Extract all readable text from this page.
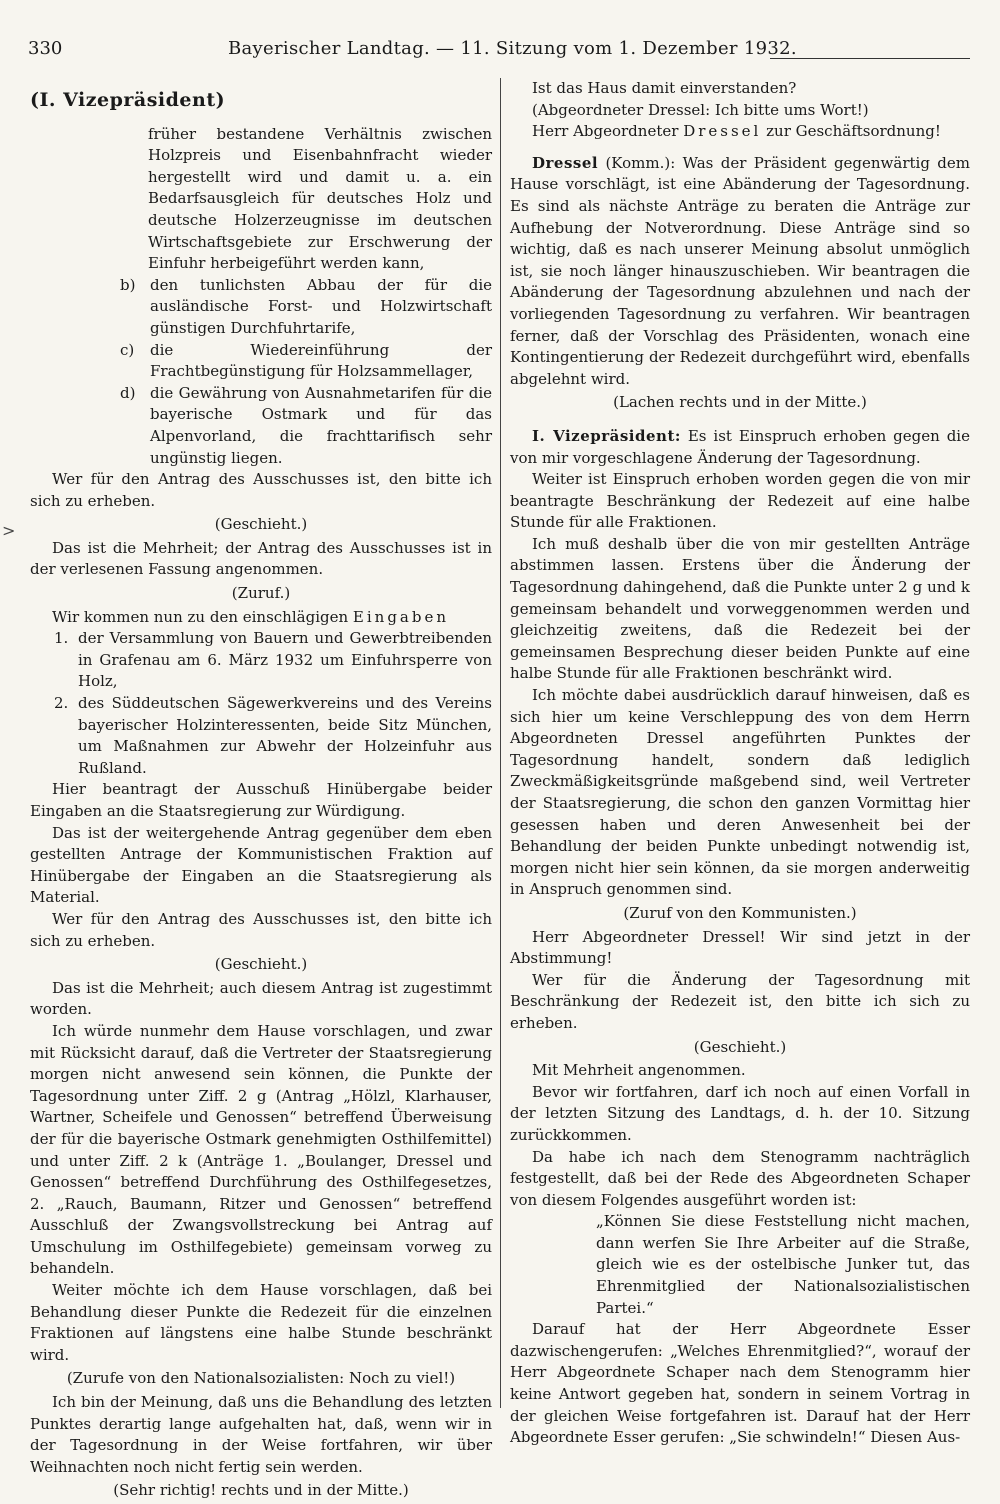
330	Bayerischer Landtag. — 11. Sitzung vom 1. Dezember 1932.
>
(I. Vizepräsident)

früher bestandene Verhältnis zwischen Holzpreis und Eisenbahnfracht wieder hergestellt wird und damit u. a. ein Bedarfsausgleich für deutsches Holz und deutsche Holzerzeugnisse im deutschen Wirtschaftsgebiete zur Erschwerung der Einfuhr herbeigeführt werden kann,

b) den tunlichsten Abbau der für die ausländische Forst- und Holzwirtschaft günstigen Durchfuhrtarife,

c) die Wiedereinführung der Frachtbegünstigung für Holzsammellager,

d) die Gewährung von Ausnahmetarifen für die bayerische Ostmark und für das Alpenvorland, die frachttarifisch sehr ungünstig liegen.

Wer für den Antrag des Ausschusses ist, den bitte ich sich zu erheben.

(Geschieht.)

Das ist die Mehrheit; der Antrag des Ausschusses ist in der verlesenen Fassung angenommen.

(Zuruf.)

Wir kommen nun zu den einschlägigen Eingaben

1. der Versammlung von Bauern und Gewerbtreibenden in Grafenau am 6. März 1932 um Einfuhrsperre von Holz,

2. des Süddeutschen Sägewerkvereins und des Vereins bayerischer Holzinteressenten, beide Sitz München, um Maßnahmen zur Abwehr der Holzeinfuhr aus Rußland.

Hier beantragt der Ausschuß Hinübergabe beider Eingaben an die Staatsregierung zur Würdigung.

Das ist der weitergehende Antrag gegenüber dem eben gestellten Antrage der Kommunistischen Fraktion auf Hinübergabe der Eingaben an die Staatsregierung als Material.

Wer für den Antrag des Ausschusses ist, den bitte ich sich zu erheben.

(Geschieht.)

Das ist die Mehrheit; auch diesem Antrag ist zugestimmt worden.

Ich würde nunmehr dem Hause vorschlagen, und zwar mit Rücksicht darauf, daß die Vertreter der Staatsregierung morgen nicht anwesend sein können, die Punkte der Tagesordnung unter Ziff. 2 g (Antrag „Hölzl, Klarhauser, Wartner, Scheifele und Genossen“ betreffend Überweisung der für die bayerische Ostmark genehmigten Osthilfemittel) und unter Ziff. 2 k (Anträge 1. „Boulanger, Dressel und Genossen“ betreffend Durchführung des Osthilfegesetzes, 2. „Rauch, Baumann, Ritzer und Genossen“ betreffend Ausschluß der Zwangsvollstreckung bei Antrag auf Umschulung im Osthilfegebiete) gemeinsam vorweg zu behandeln.

Weiter möchte ich dem Hause vorschlagen, daß bei Behandlung dieser Punkte die Redezeit für die einzelnen Fraktionen auf längstens eine halbe Stunde beschränkt wird.

(Zurufe von den Nationalsozialisten: Noch zu viel!)

Ich bin der Meinung, daß uns die Behandlung des letzten Punktes derartig lange aufgehalten hat, daß, wenn wir in der Tagesordnung in der Weise fortfahren, wir über Weihnachten noch nicht fertig sein werden.

(Sehr richtig! rechts und in der Mitte.)

Ist das Haus damit einverstanden?

(Abgeordneter Dressel: Ich bitte ums Wort!)

Herr Abgeordneter Dressel zur Geschäftsordnung!

Dressel (Komm.): Was der Präsident gegenwärtig dem Hause vorschlägt, ist eine Abänderung der Tagesordnung. Es sind als nächste Anträge zu beraten die Anträge zur Aufhebung der Notverordnung. Diese Anträge sind so wichtig, daß es nach unserer Meinung absolut unmöglich ist, sie noch länger hinauszuschieben. Wir beantragen die Abänderung der Tagesordnung abzulehnen und nach der vorliegenden Tagesordnung zu verfahren. Wir beantragen ferner, daß der Vorschlag des Präsidenten, wonach eine Kontingentierung der Redezeit durchgeführt wird, ebenfalls abgelehnt wird.

(Lachen rechts und in der Mitte.)

I. Vizepräsident: Es ist Einspruch erhoben gegen die von mir vorgeschlagene Änderung der Tagesordnung.

Weiter ist Einspruch erhoben worden gegen die von mir beantragte Beschränkung der Redezeit auf eine halbe Stunde für alle Fraktionen.

Ich muß deshalb über die von mir gestellten Anträge abstimmen lassen. Erstens über die Änderung der Tagesordnung dahingehend, daß die Punkte unter 2 g und k gemeinsam behandelt und vorweggenommen werden und gleichzeitig zweitens, daß die Redezeit bei der gemeinsamen Besprechung dieser beiden Punkte auf eine halbe Stunde für alle Fraktionen beschränkt wird.

Ich möchte dabei ausdrücklich darauf hinweisen, daß es sich hier um keine Verschleppung des von dem Herrn Abgeordneten Dressel angeführten Punktes der Tagesordnung handelt, sondern daß lediglich Zweckmäßigkeitsgründe maßgebend sind, weil Vertreter der Staatsregierung, die schon den ganzen Vormittag hier gesessen haben und deren Anwesenheit bei der Behandlung der beiden Punkte unbedingt notwendig ist, morgen nicht hier sein können, da sie morgen anderweitig in Anspruch genommen sind.

(Zuruf von den Kommunisten.)

Herr Abgeordneter Dressel! Wir sind jetzt in der Abstimmung!

Wer für die Änderung der Tagesordnung mit Beschränkung der Redezeit ist, den bitte ich sich zu erheben.

(Geschieht.)

Mit Mehrheit angenommen.

Bevor wir fortfahren, darf ich noch auf einen Vorfall in der letzten Sitzung des Landtags, d. h. der 10. Sitzung zurückkommen.

Da habe ich nach dem Stenogramm nachträglich festgestellt, daß bei der Rede des Abgeordneten Schaper von diesem Folgendes ausgeführt worden ist:

„Können Sie diese Feststellung nicht machen, dann werfen Sie Ihre Arbeiter auf die Straße, gleich wie es der ostelbische Junker tut, das Ehrenmitglied der Nationalsozialistischen Partei.“

Darauf hat der Herr Abgeordnete Esser dazwischengerufen: „Welches Ehrenmitglied?“, worauf der Herr Abgeordnete Schaper nach dem Stenogramm hier keine Antwort gegeben hat, sondern in seinem Vortrag in der gleichen Weise fortgefahren ist. Darauf hat der Herr Abgeordnete Esser gerufen: „Sie schwindeln!“ Diesen Aus-
